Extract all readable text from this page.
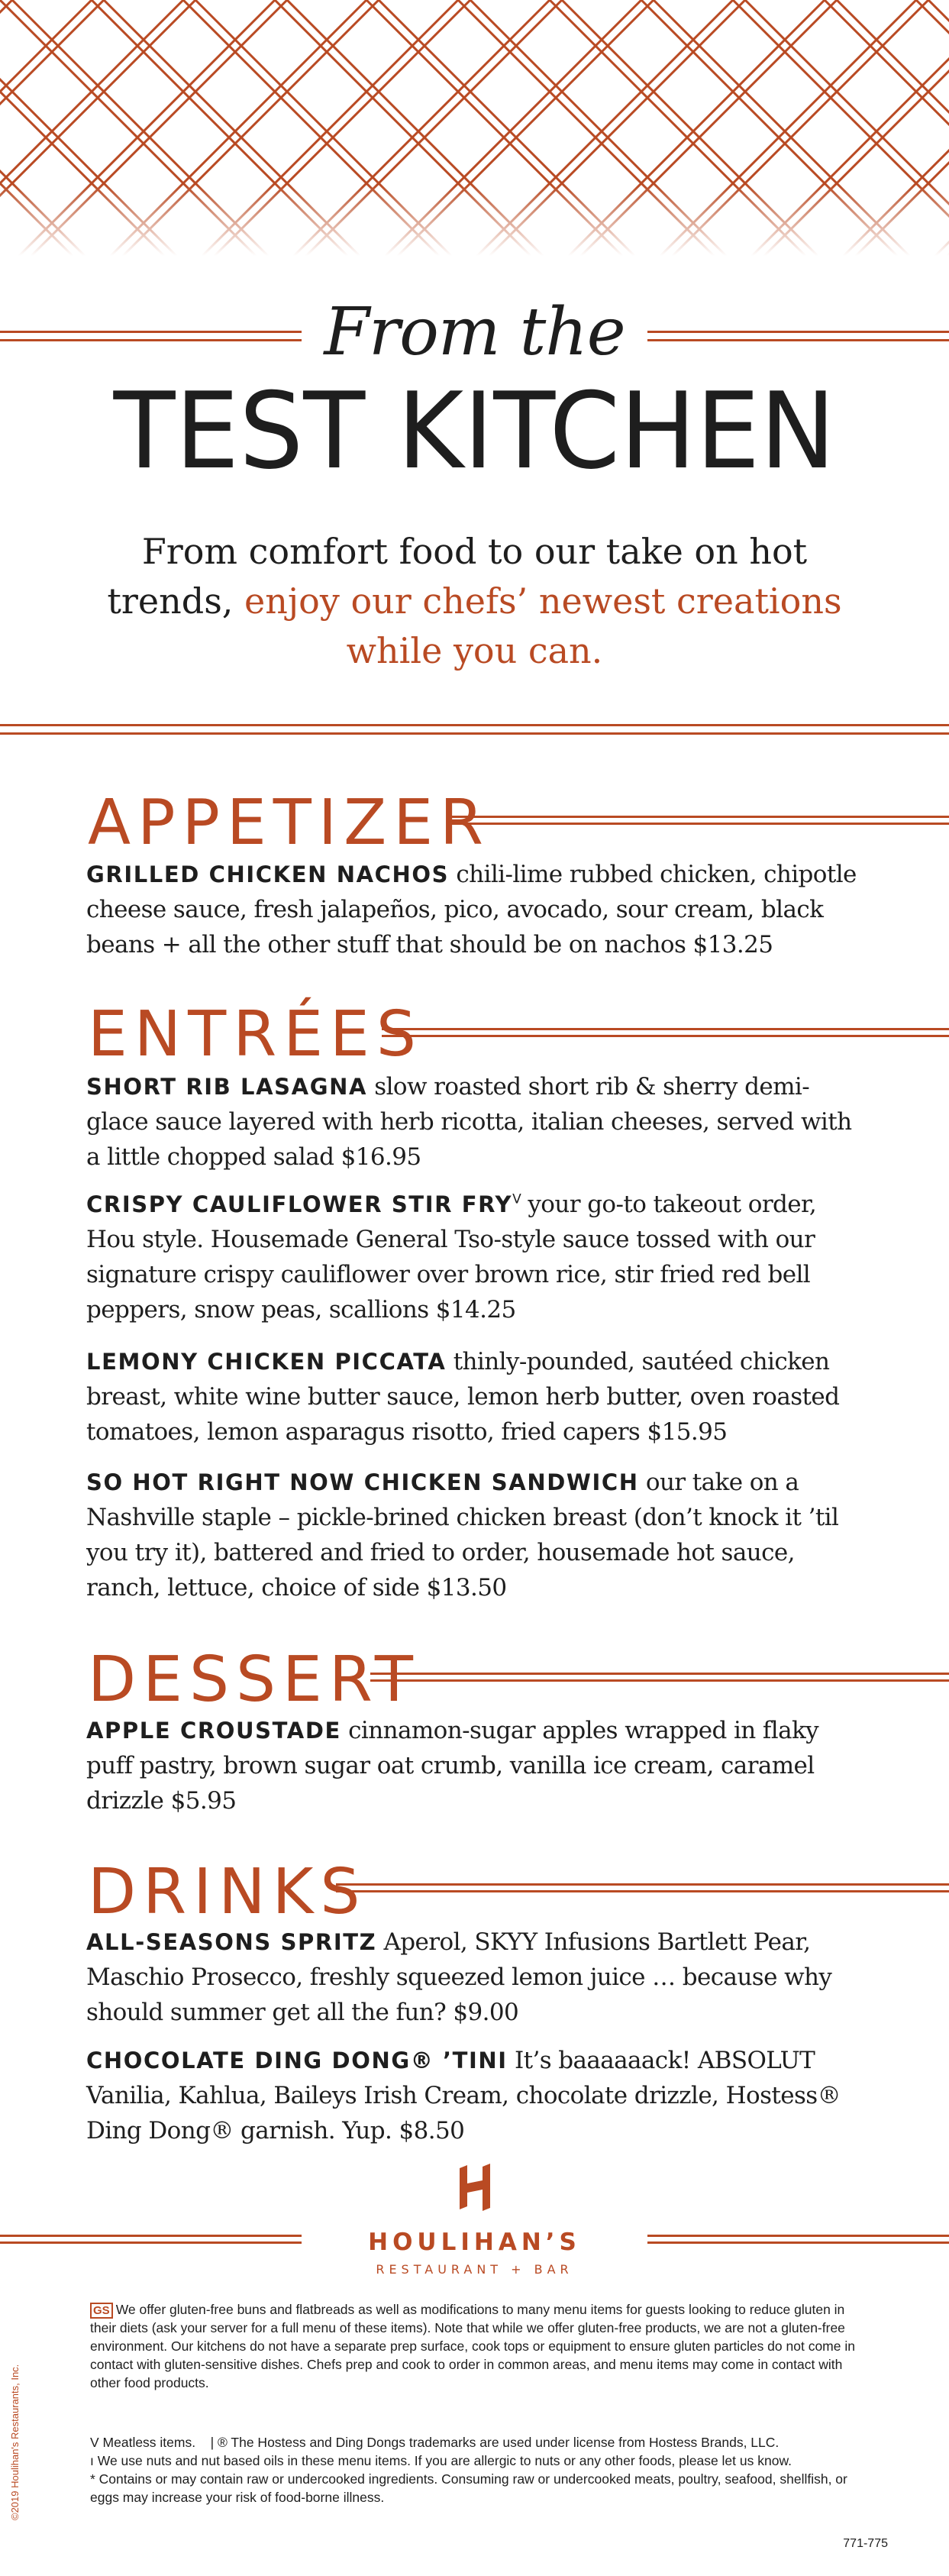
From the
TEST KITCHEN
From comfort food to our take on hot trends, enjoy our chefs’ newest creations while you can.
APPETIZER
GRILLED CHICKEN NACHOS chili-lime rubbed chicken, chipotle cheese sauce, fresh jalapeños, pico, avocado, sour cream, black beans + all the other stuff that should be on nachos $13.25
ENTRÉES
SHORT RIB LASAGNA slow roasted short rib & sherry demi-glace sauce layered with herb ricotta, italian cheeses, served with a little chopped salad $16.95
CRISPY CAULIFLOWER STIR $FRY^V$ your go-to takeout order, Hou style. Housemade General Tso-style sauce tossed with our signature crispy cauliflower over brown rice, stir fried red bell peppers, snow peas, scallions $14.25
LEMONY CHICKEN PICCATA thinly-pounded, sautéed chicken breast, white wine butter sauce, lemon herb butter, oven roasted tomatoes, lemon asparagus risotto, fried capers $15.95
SO HOT RIGHT NOW CHICKEN SANDWICH our take on a Nashville staple – pickle-brined chicken breast (don’t knock it ’til you try it), battered and fried to order, housemade hot sauce, ranch, lettuce, choice of side $13.50
DESSERT
APPLE CROUSTADE cinnamon-sugar apples wrapped in flaky puff pastry, brown sugar oat crumb, vanilla ice cream, caramel drizzle $5.95
DRINKS
ALL-SEASONS SPRITZ Aperol, SKYY Infusions Bartlett Pear, Maschio Prosecco, freshly squeezed lemon juice … because why should summer get all the fun? $9.00
CHOCOLATE DING DONG® ’TINI It’s baaaaaack! ABSOLUT Vanilia, Kahlua, Baileys Irish Cream, chocolate drizzle, Hostess® Ding Dong® garnish. Yup. $8.50
HOULIHAN’S
RESTAURANT + BAR
GS We offer gluten-free buns and flatbreads as well as modifications to many menu items for guests looking to reduce gluten in their diets (ask your server for a full menu of these items). Note that while we offer gluten-free products, we are not a gluten-free environment. Our kitchens do not have a separate prep surface, cook tops or equipment to ensure gluten particles do not come in contact with gluten-sensitive dishes. Chefs prep and cook to order in common areas, and menu items may come in contact with other food products.
V Meatless items. | ® The Hostess and Ding Dongs trademarks are used under license from Hostess Brands, LLC.
ı We use nuts and nut based oils in these menu items. If you are allergic to nuts or any other foods, please let us know.
* Contains or may contain raw or undercooked ingredients. Consuming raw or undercooked meats, poultry, seafood, shellfish, or eggs may increase your risk of food-borne illness.
©2019 Houlihan's Restaurants, Inc.
771-775
